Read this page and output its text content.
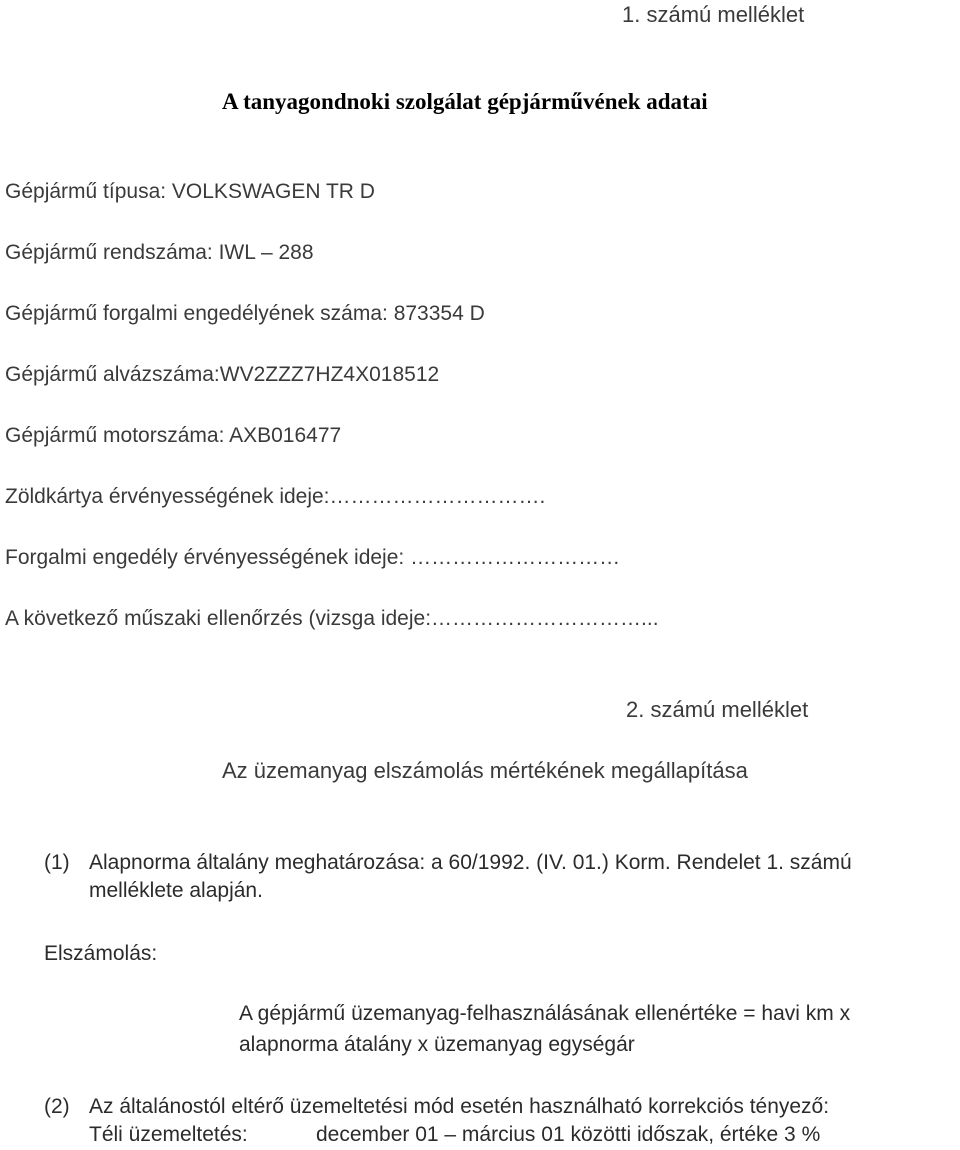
1. számú melléklet
A tanyagondnoki szolgálat gépjárművének adatai
Gépjármű típusa: VOLKSWAGEN TR D
Gépjármű rendszáma: IWL – 288
Gépjármű forgalmi engedélyének száma: 873354 D
Gépjármű alvázszáma:WV2ZZZ7HZ4X018512
Gépjármű motorszáma: AXB016477
Zöldkártya érvényességének ideje:………………………….
Forgalmi engedély érvényességének ideje: …………………………
A következő műszaki ellenőrzés (vizsga ideje:…………………………...
2. számú melléklet
Az üzemanyag elszámolás mértékének megállapítása
(1) Alapnorma általány meghatározása: a 60/1992. (IV. 01.) Korm. Rendelet 1. számú
melléklete alapján.
Elszámolás:
A gépjármű üzemanyag-felhasználásának ellenértéke = havi km x
alapnorma átalány x üzemanyag egységár
(2) Az általánostól eltérő üzemeltetési mód esetén használható korrekciós tényező:
Téli üzemeltetés:	december 01 – március 01 közötti időszak, értéke 3 %
